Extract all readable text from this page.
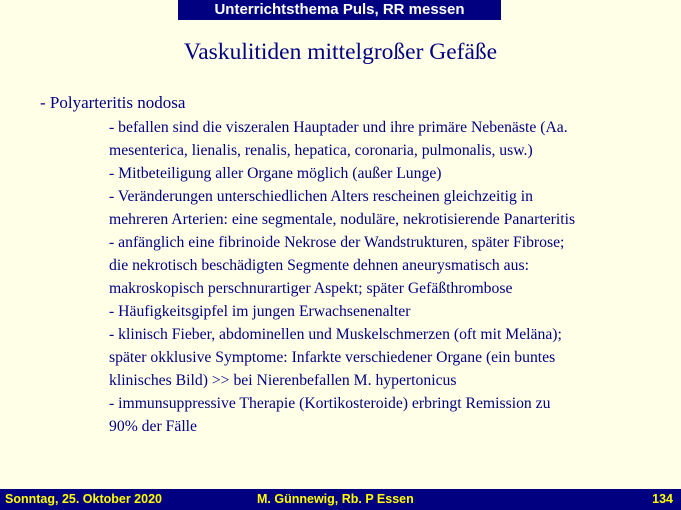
Unterrichtsthema Puls, RR messen
Vaskulitiden mittelgroßer Gefäße
- Polyarteritis nodosa
- befallen sind die viszeralen Hauptader und ihre primäre Nebenäste (Aa.
mesenterica, lienalis, renalis, hepatica, coronaria, pulmonalis, usw.)
- Mitbeteiligung aller Organe möglich (außer Lunge)
- Veränderungen unterschiedlichen Alters rescheinen gleichzeitig in
mehreren Arterien: eine segmentale, noduläre, nekrotisierende Panarteritis
- anfänglich eine fibrinoide Nekrose der Wandstrukturen, später Fibrose;
die nekrotisch beschädigten Segmente dehnen aneurysmatisch aus:
makroskopisch perschnurartiger Aspekt; später Gefäßthrombose
- Häufigkeitsgipfel im jungen Erwachsenenalter
- klinisch Fieber, abdominellen und Muskelschmerzen (oft mit Meläna);
später okklusive Symptome: Infarkte verschiedener Organe (ein buntes
klinisches Bild) >> bei Nierenbefallen M. hypertonicus
- immunsuppressive Therapie (Kortikosteroide) erbringt Remission zu
90% der Fälle
Sonntag, 25. Oktober 2020	M. Günnewig, Rb. P Essen	134
